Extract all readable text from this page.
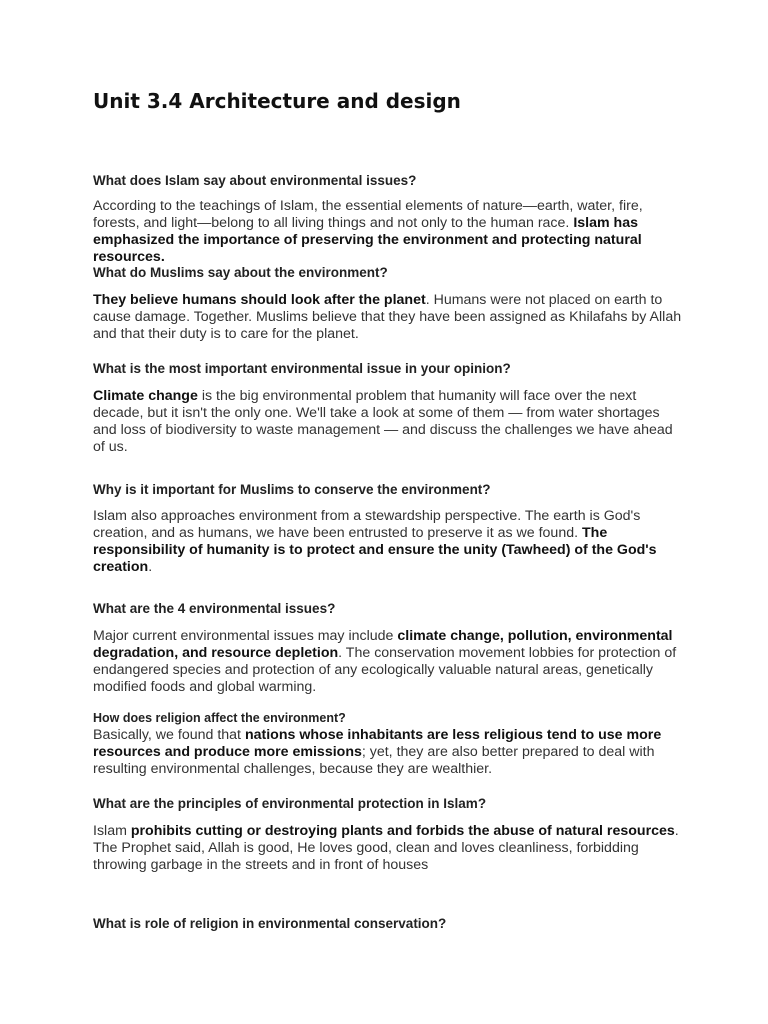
Unit 3.4 Architecture and design
What does Islam say about environmental issues?

According to the teachings of Islam, the essential elements of nature—earth, water, fire, forests, and light—belong to all living things and not only to the human race. Islam has emphasized the importance of preserving the environment and protecting natural resources.

What do Muslims say about the environment?

They believe humans should look after the planet. Humans were not placed on earth to cause damage. Together. Muslims believe that they have been assigned as Khilafahs by Allah and that their duty is to care for the planet.

What is the most important environmental issue in your opinion?

Climate change is the big environmental problem that humanity will face over the next decade, but it isn't the only one. We'll take a look at some of them — from water shortages and loss of biodiversity to waste management — and discuss the challenges we have ahead of us.

Why is it important for Muslims to conserve the environment?

Islam also approaches environment from a stewardship perspective. The earth is God's creation, and as humans, we have been entrusted to preserve it as we found. The responsibility of humanity is to protect and ensure the unity (Tawheed) of the God's creation.

What are the 4 environmental issues?

Major current environmental issues may include climate change, pollution, environmental degradation, and resource depletion. The conservation movement lobbies for protection of endangered species and protection of any ecologically valuable natural areas, genetically modified foods and global warming.

How does religion affect the environment?

Basically, we found that nations whose inhabitants are less religious tend to use more resources and produce more emissions; yet, they are also better prepared to deal with resulting environmental challenges, because they are wealthier.

What are the principles of environmental protection in Islam?

Islam prohibits cutting or destroying plants and forbids the abuse of natural resources. The Prophet said, Allah is good, He loves good, clean and loves cleanliness, forbidding throwing garbage in the streets and in front of houses

What is role of religion in environmental conservation?
